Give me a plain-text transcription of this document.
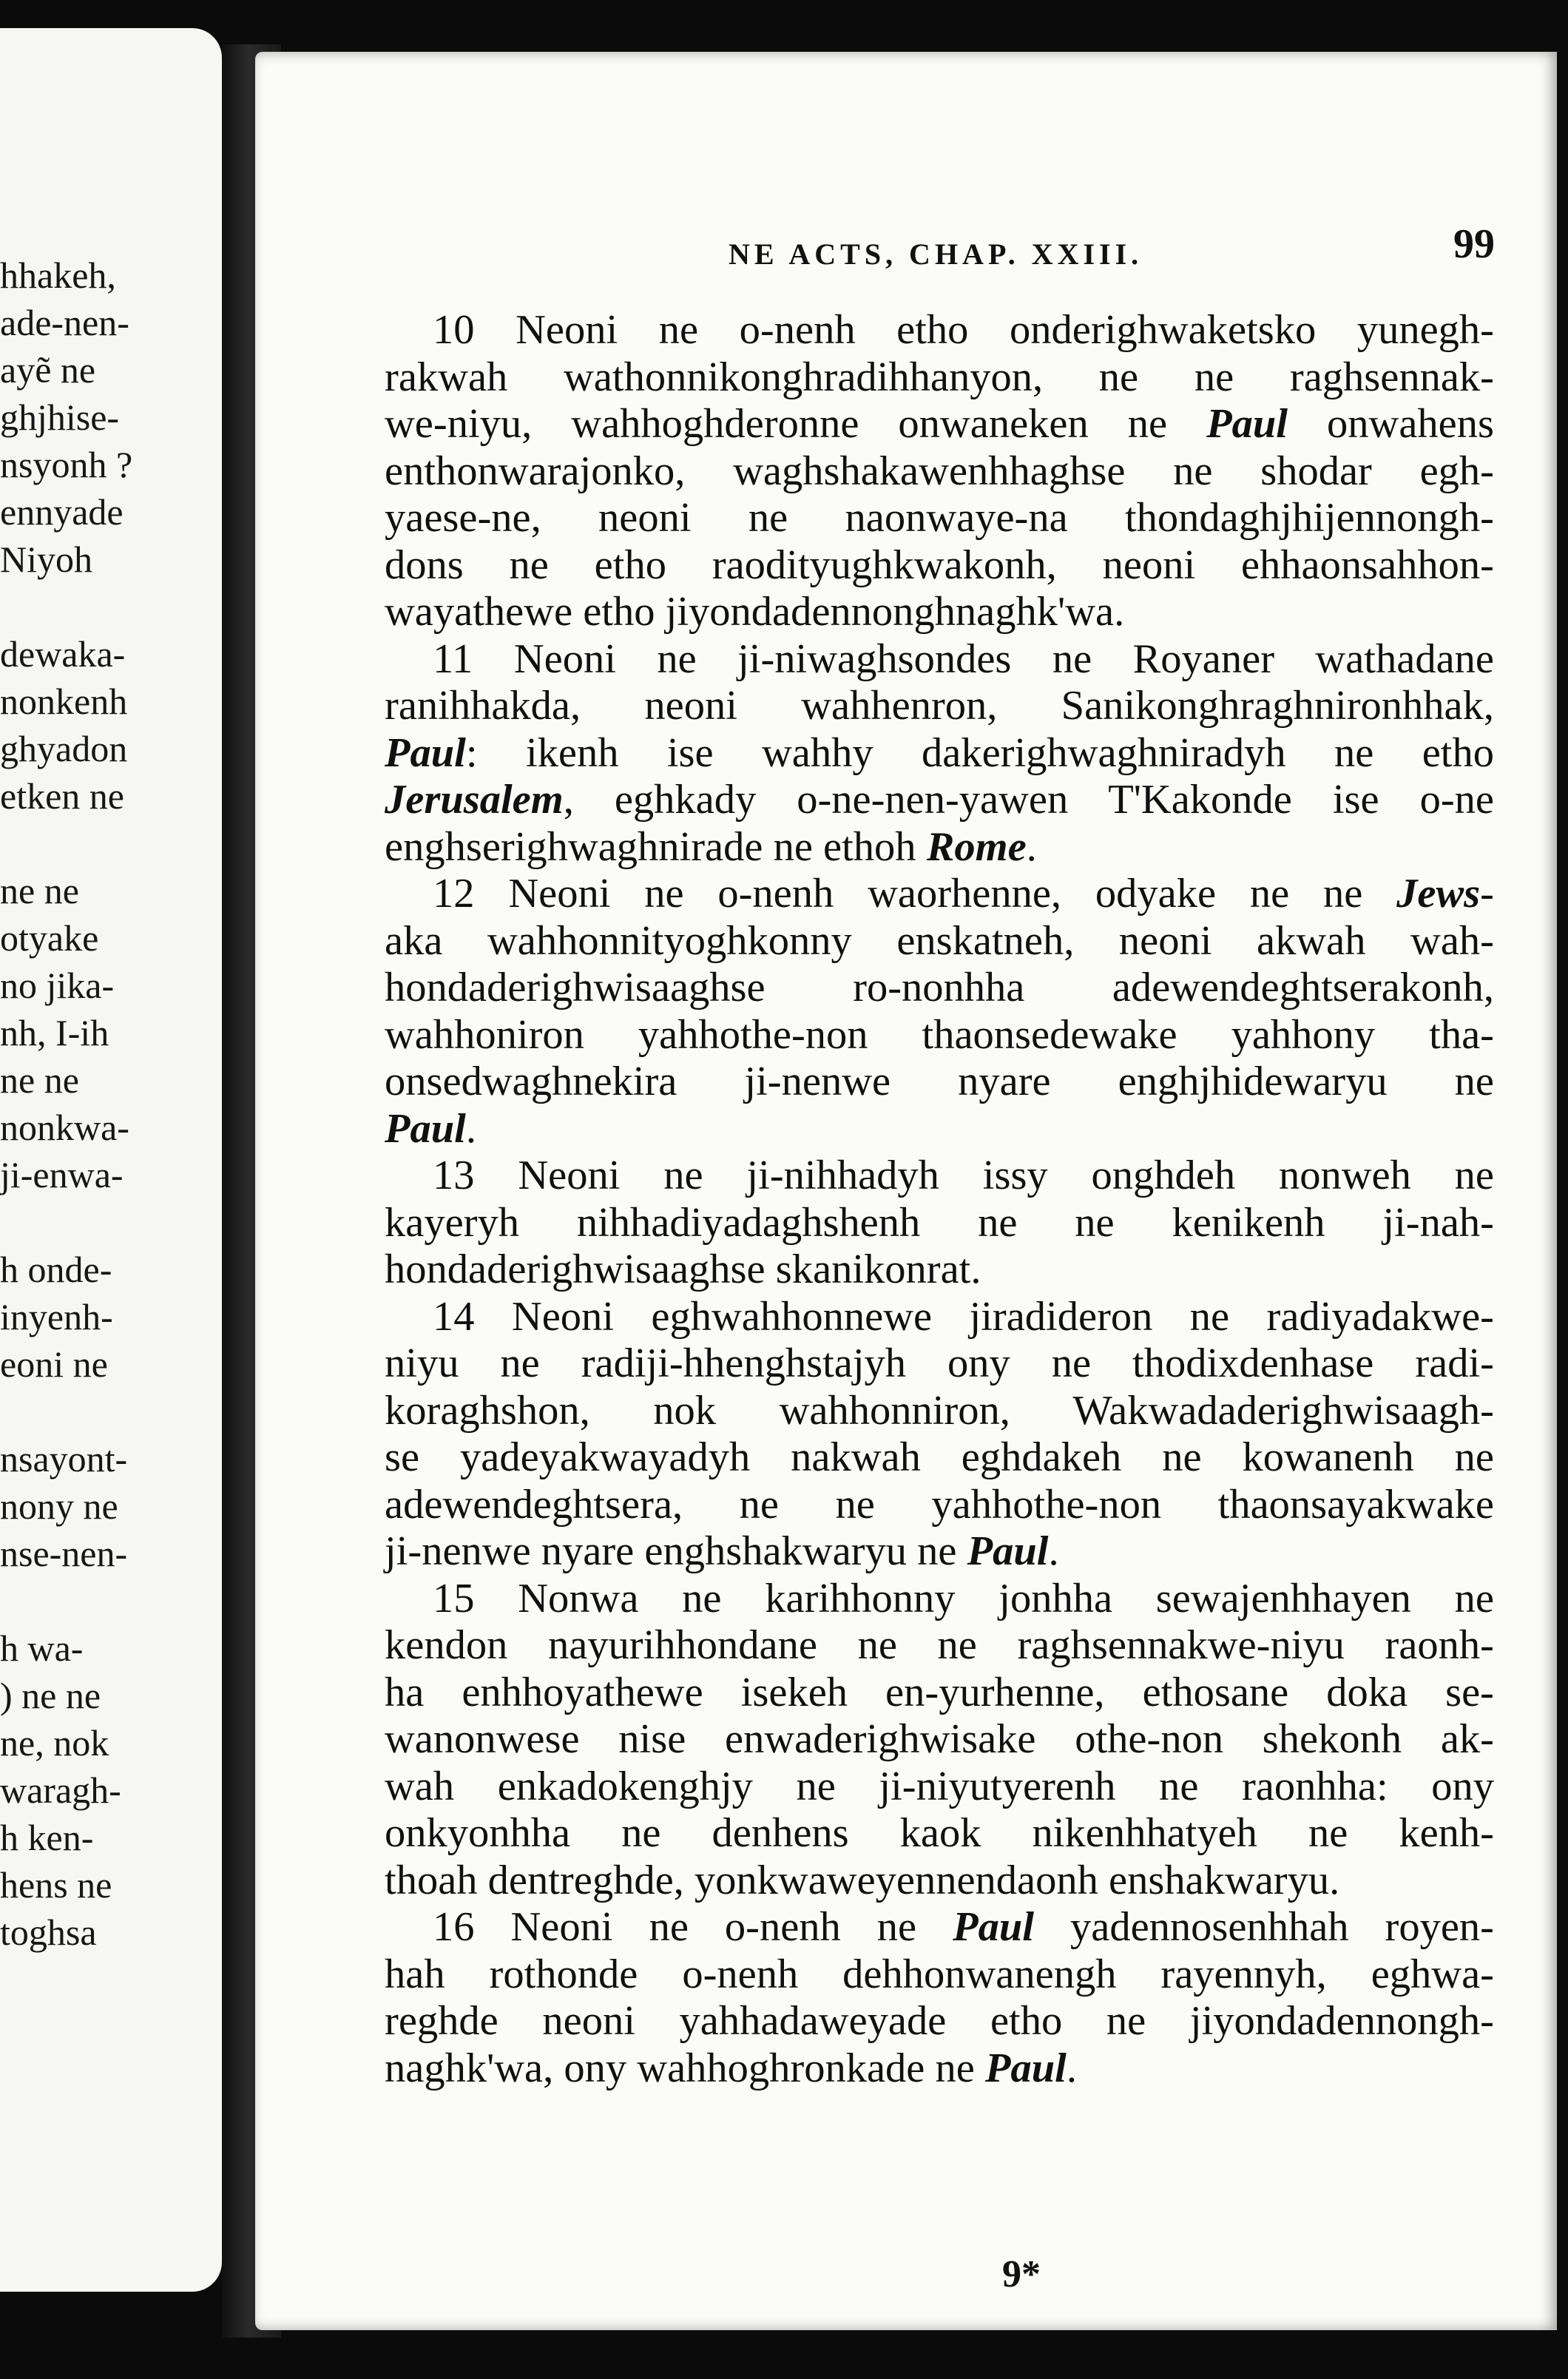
hhakeh,
ade-nen-
ayẽ ne
ghjhise-
nsyonh ?
ennyade
Niyoh
dewaka-
nonkenh
ghyadon
etken ne
ne ne
otyake
no jika-
nh, I-ih
ne ne
nonkwa-
ji-enwa-
h onde-
inyenh-
eoni ne
nsayont-
nony ne
nse-nen-
h wa-
) ne ne
ne, nok
waragh-
h ken-
hens ne
toghsa
NE ACTS, CHAP. XXIII.	99
10 Neoni ne o-nenh etho onderighwaketsko yunegh-
rakwah wathonnikonghradihhanyon, ne ne raghsennak-
we-niyu, wahhoghderonne onwaneken ne Paul onwahens
enthonwarajonko, waghshakawenhhaghse ne shodar egh-
yaese-ne, neoni ne naonwaye-na thondaghjhijennongh-
dons ne etho raodityughkwakonh, neoni ehhaonsahhon-
wayathewe etho jiyondadennonghnaghk'wa.
11 Neoni ne ji-niwaghsondes ne Royaner wathadane
ranihhakda, neoni wahhenron, Sanikonghraghnironhhak,
Paul: ikenh ise wahhy dakerighwaghniradyh ne etho
Jerusalem, eghkady o-ne-nen-yawen T'Kakonde ise o-ne
enghserighwaghnirade ne ethoh Rome.
12 Neoni ne o-nenh waorhenne, odyake ne ne Jews-
aka wahhonnityoghkonny enskatneh, neoni akwah wah-
hondaderighwisaaghse ro-nonhha adewendeghtserakonh,
wahhoniron yahhothe-non thaonsedewake yahhony tha-
onsedwaghnekira ji-nenwe nyare enghjhidewaryu ne
Paul.
13 Neoni ne ji-nihhadyh issy onghdeh nonweh ne
kayeryh nihhadiyadaghshenh ne ne kenikenh ji-nah-
hondaderighwisaaghse skanikonrat.
14 Neoni eghwahhonnewe jiradideron ne radiyadakwe-
niyu ne radiji-hhenghstajyh ony ne thodixdenhase radi-
koraghshon, nok wahhonniron, Wakwadaderighwisaagh-
se yadeyakwayadyh nakwah eghdakeh ne kowanenh ne
adewendeghtsera, ne ne yahhothe-non thaonsayakwake
ji-nenwe nyare enghshakwaryu ne Paul.
15 Nonwa ne karihhonny jonhha sewajenhhayen ne
kendon nayurihhondane ne ne raghsennakwe-niyu raonh-
ha enhhoyathewe isekeh en-yurhenne, ethosane doka se-
wanonwese nise enwaderighwisake othe-non shekonh ak-
wah enkadokenghjy ne ji-niyutyerenh ne raonhha: ony
onkyonhha ne denhens kaok nikenhhatyeh ne kenh-
thoah dentreghde, yonkwaweyennendaonh enshakwaryu.
16 Neoni ne o-nenh ne Paul yadennosenhhah royen-
hah rothonde o-nenh dehhonwanengh rayennyh, eghwa-
reghde neoni yahhadaweyade etho ne jiyondadennongh-
naghk'wa, ony wahhoghronkade ne Paul.
9*
